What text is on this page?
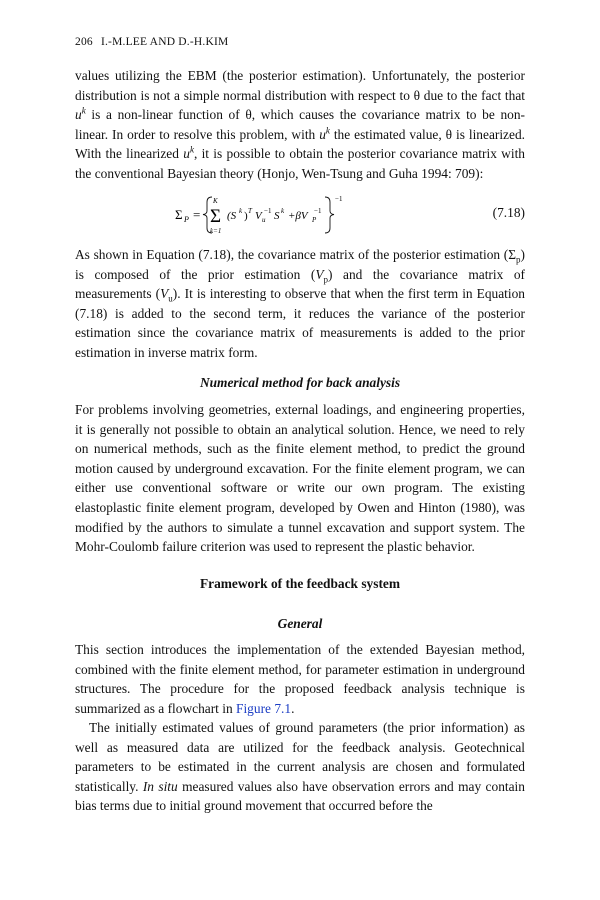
206 I.-M.LEE AND D.-H.KIM

values utilizing the EBM (the posterior estimation). Unfortunately, the posterior distribution is not a simple normal distribution with respect to θ due to the fact that $u^k$ is a non-linear function of θ, which causes the covariance matrix to be non-linear. In order to resolve this problem, with $u^k$ the estimated value, θ is linearized. With the linearized $u^k$, it is possible to obtain the posterior covariance matrix with the conventional Bayesian theory (Honjo, Wen-Tsung and Guha 1994: 709):

Σ P =
K
Σ
k=1
(S k ) T V u
−1 S k +βV P
−1
−1
(7.18)

As shown in Equation (7.18), the covariance matrix of the posterior estimation $(\Sigma_p)$ is composed of the prior estimation $(V_p)$ and the covariance matrix of measurements $(V_u)$. It is interesting to observe that when the first term in Equation (7.18) is added to the second term, it reduces the variance of the posterior estimation since the covariance matrix of measurements is added to the prior estimation in inverse matrix form.

Numerical method for back analysis

For problems involving geometries, external loadings, and engineering properties, it is generally not possible to obtain an analytical solution. Hence, we need to rely on numerical methods, such as the finite element method, to predict the ground motion caused by underground excavation. For the finite element program, we can either use conventional software or write our own program. The existing elastoplastic finite element program, developed by Owen and Hinton (1980), was modified by the authors to simulate a tunnel excavation and support system. The Mohr-Coulomb failure criterion was used to represent the plastic behavior.

Framework of the feedback system
General

This section introduces the implementation of the extended Bayesian method, combined with the finite element method, for parameter estimation in underground structures. The procedure for the proposed feedback analysis technique is summarized as a flowchart in Figure 7.1.

The initially estimated values of ground parameters (the prior information) as well as measured data are utilized for the feedback analysis. Geotechnical parameters to be estimated in the current analysis are chosen and formulated statistically. In situ measured values also have observation errors and may contain bias terms due to initial ground movement that occurred before the
